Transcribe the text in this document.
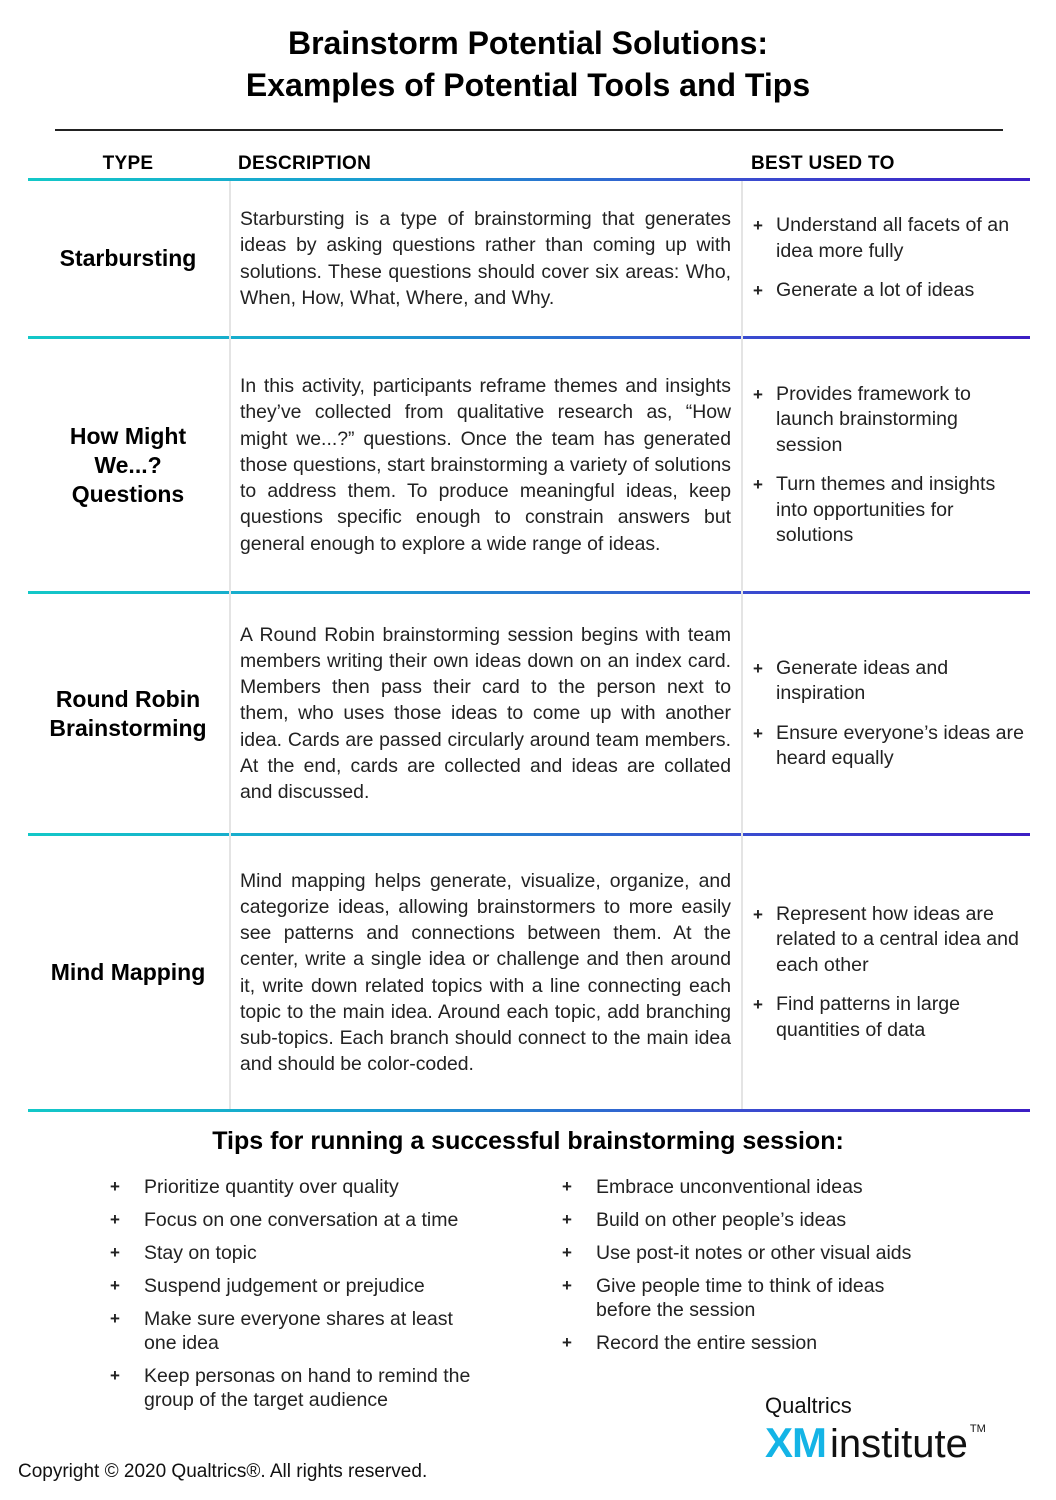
Brainstorm Potential Solutions:
Examples of Potential Tools and Tips
TYPE	DESCRIPTION	BEST USED TO
Starbursting
Starbursting is a type of brainstorming that generates ideas by asking questions rather than coming up with solutions. These questions should cover six areas: Who, When, How, What, Where, and Why.
+ Understand all facets of an idea more fully
+ Generate a lot of ideas
How Might We...? Questions
In this activity, participants reframe themes and insights they’ve collected from qualitative research as, “How might we...?” questions. Once the team has generated those questions, start brainstorming a variety of solutions to address them. To produce meaningful ideas, keep questions specific enough to constrain answers but general enough to explore a wide range of ideas.
+ Provides framework to launch brainstorming session
+ Turn themes and insights into opportunities for solutions
Round Robin Brainstorming
A Round Robin brainstorming session begins with team members writing their own ideas down on an index card. Members then pass their card to the person next to them, who uses those ideas to come up with another idea. Cards are passed circularly around team members. At the end, cards are collected and ideas are collated and discussed.
+ Generate ideas and inspiration
+ Ensure everyone’s ideas are heard equally
Mind Mapping
Mind mapping helps generate, visualize, organize, and categorize ideas, allowing brainstormers to more easily see patterns and connections between them. At the center, write a single idea or challenge and then around it, write down related topics with a line connecting each topic to the main idea. Around each topic, add branching sub-topics. Each branch should connect to the main idea and should be color-coded.
+ Represent how ideas are related to a central idea and each other
+ Find patterns in large quantities of data
Tips for running a successful brainstorming session:
+ Prioritize quantity over quality
+ Focus on one conversation at a time
+ Stay on topic
+ Suspend judgement or prejudice
+ Make sure everyone shares at least one idea
+ Keep personas on hand to remind the group of the target audience
+ Embrace unconventional ideas
+ Build on other people’s ideas
+ Use post-it notes or other visual aids
+ Give people time to think of ideas before the session
+ Record the entire session
Qualtrics
XM institute ™
Copyright © 2020 Qualtrics®. All rights reserved.
